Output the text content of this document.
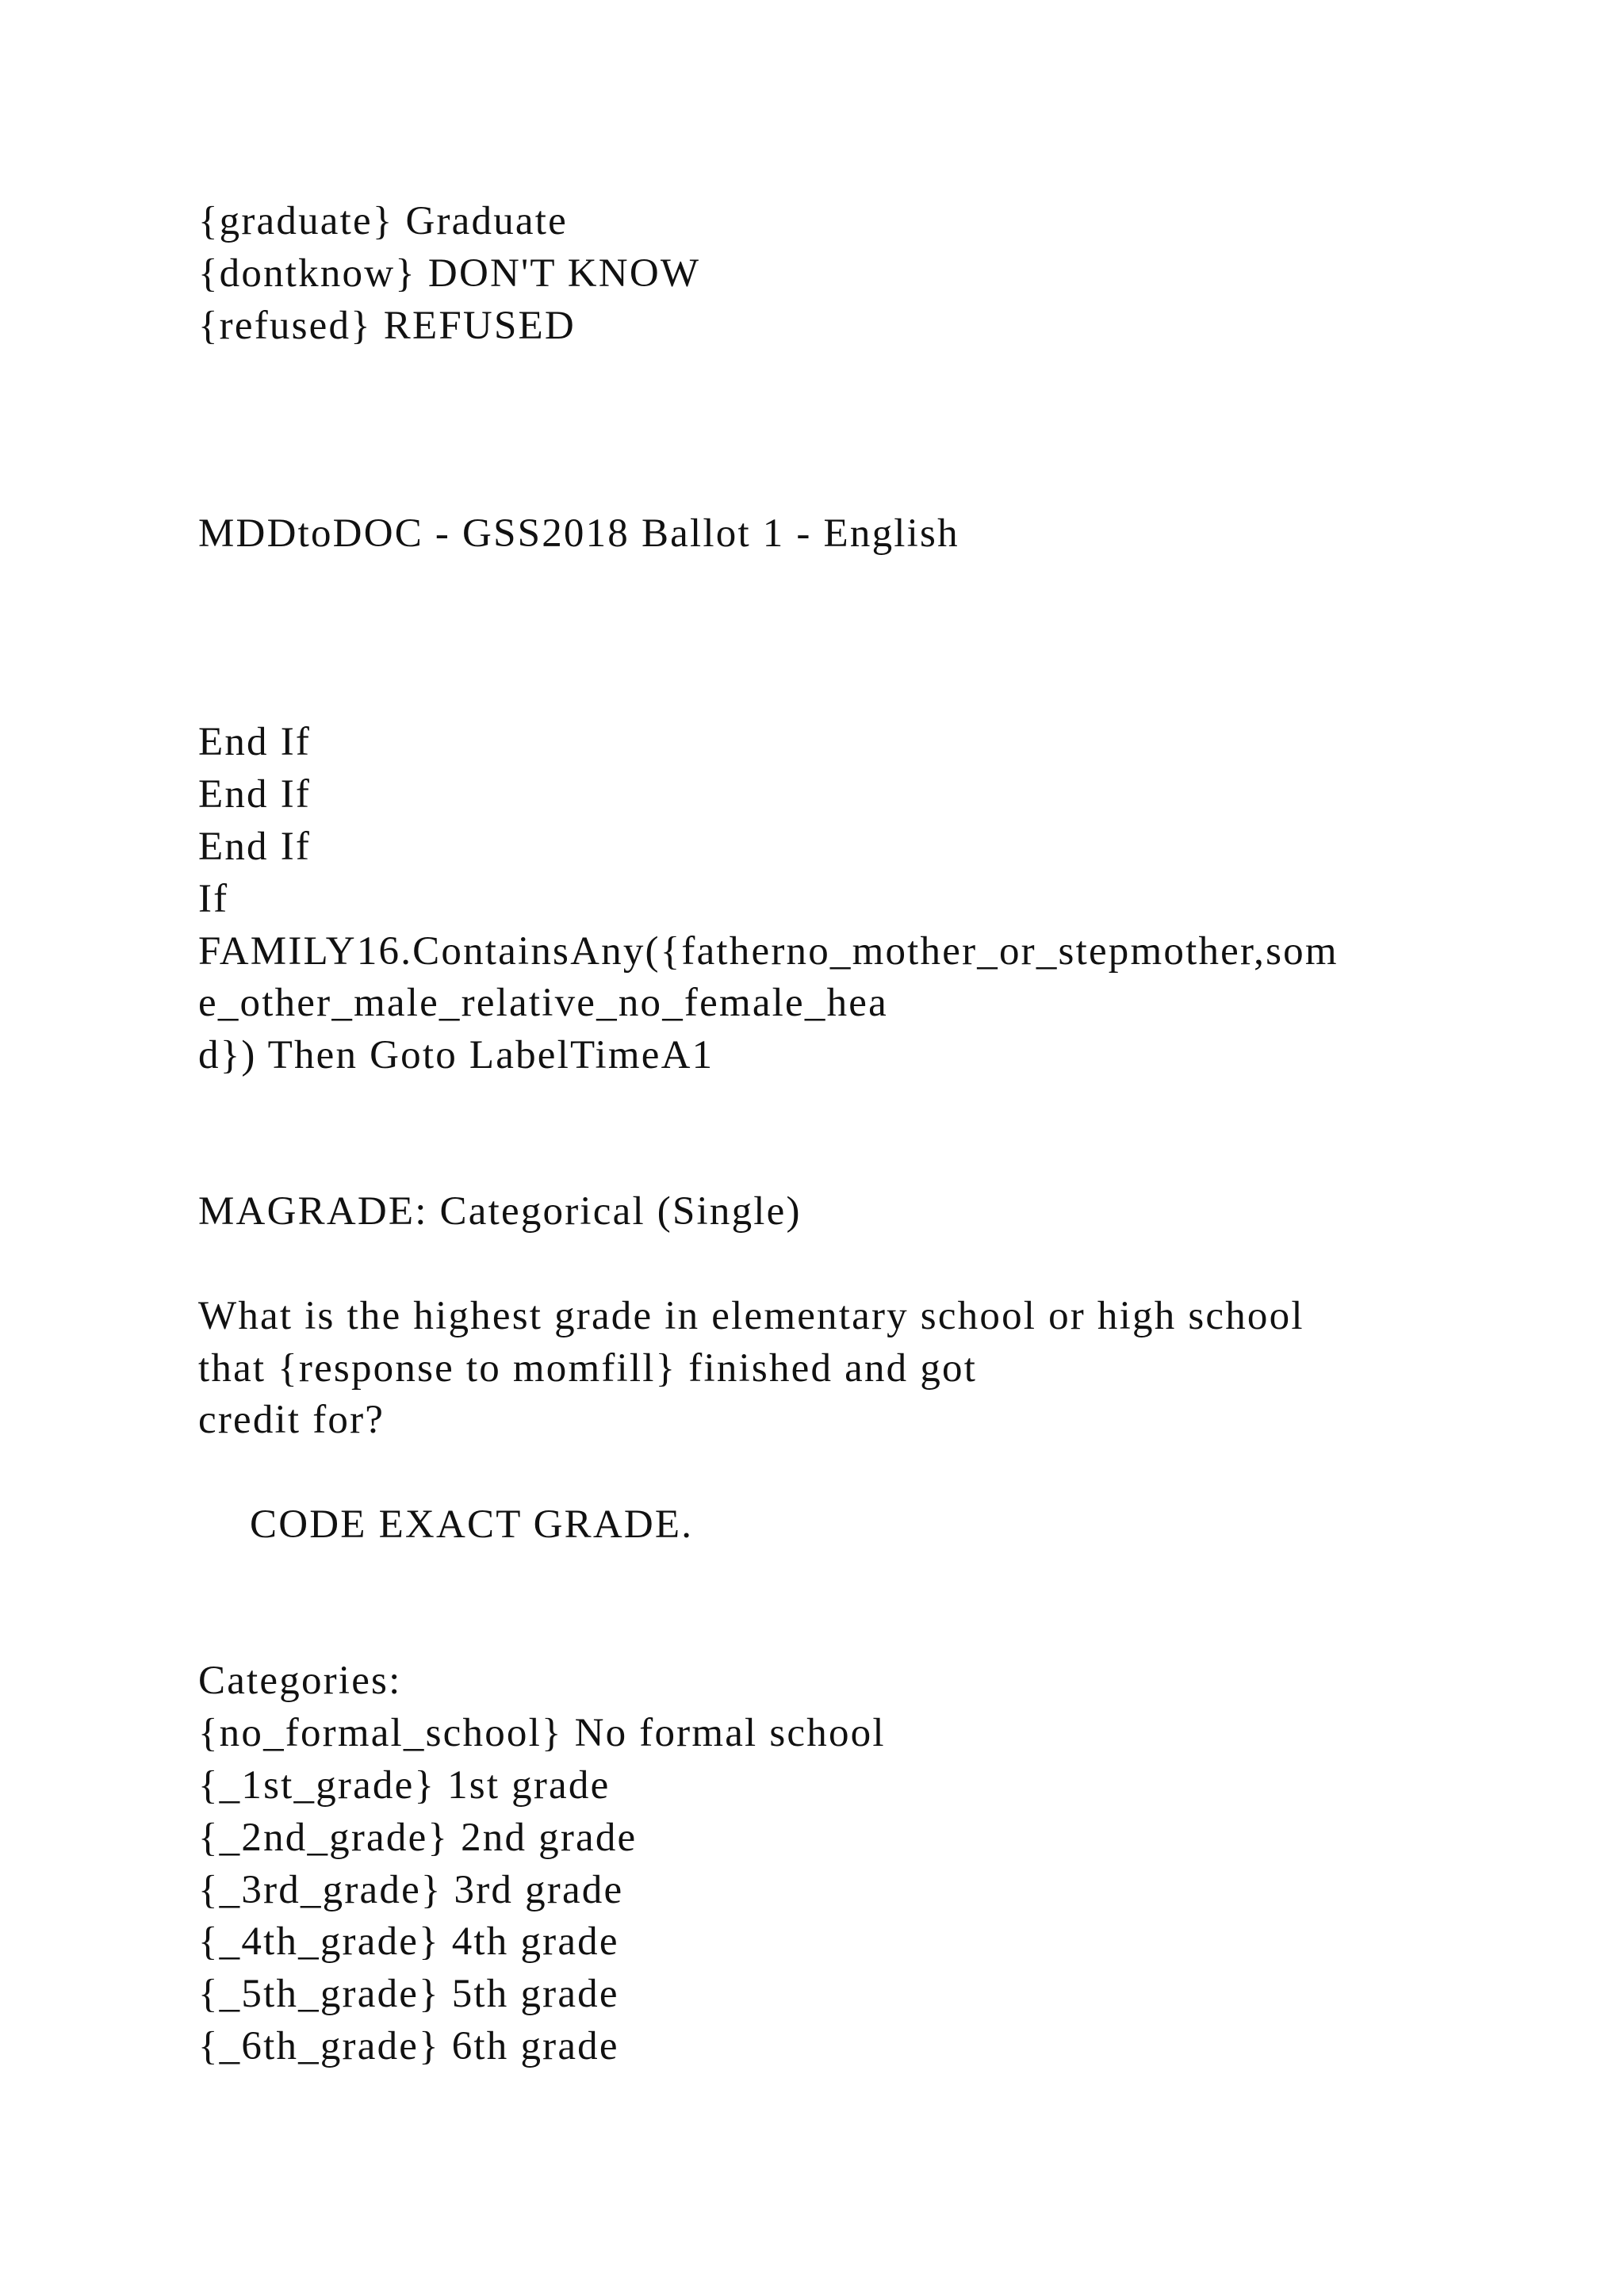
{graduate} Graduate
{dontknow} DON'T KNOW
{refused} REFUSED
MDDtoDOC - GSS2018 Ballot 1 - English
End If
End If
End If
If
FAMILY16.ContainsAny({fatherno_mother_or_stepmother,som
e_other_male_relative_no_female_hea
d}) Then Goto LabelTimeA1
MAGRADE: Categorical (Single)
What is the highest grade in elementary school or high school
that {response to momfill} finished and got
credit for?
CODE EXACT GRADE.
Categories:
{no_formal_school} No formal school
{_1st_grade} 1st grade
{_2nd_grade} 2nd grade
{_3rd_grade} 3rd grade
{_4th_grade} 4th grade
{_5th_grade} 5th grade
{_6th_grade} 6th grade
